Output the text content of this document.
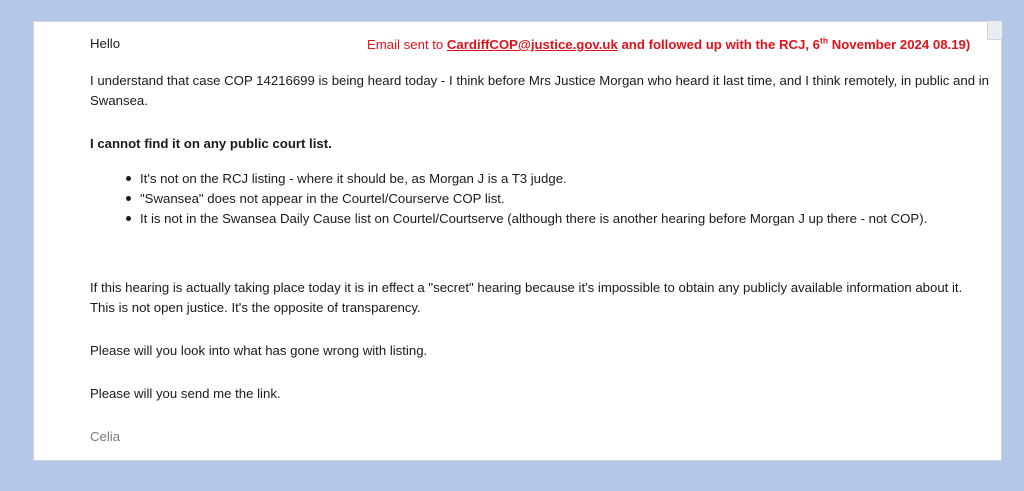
Hello	Email sent to CardiffCOP@justice.gov.uk and followed up with the RCJ, 6th November 2024 08.19)

I understand that case COP 14216699 is being heard today - I think before Mrs Justice Morgan who heard it last time, and I think remotely, in public and in Swansea.

I cannot find it on any public court list.

It's not on the RCJ listing - where it should be, as Morgan J is a T3 judge.
"Swansea" does not appear in the Courtel/Courserve COP list.
It is not in the Swansea Daily Cause list on Courtel/Courtserve (although there is another hearing before Morgan J up there - not COP).

If this hearing is actually taking place today it is in effect a "secret" hearing because it's impossible to obtain any publicly available information about it. This is not open justice. It's the opposite of transparency.

Please will you look into what has gone wrong with listing.

Please will you send me the link.

Celia
